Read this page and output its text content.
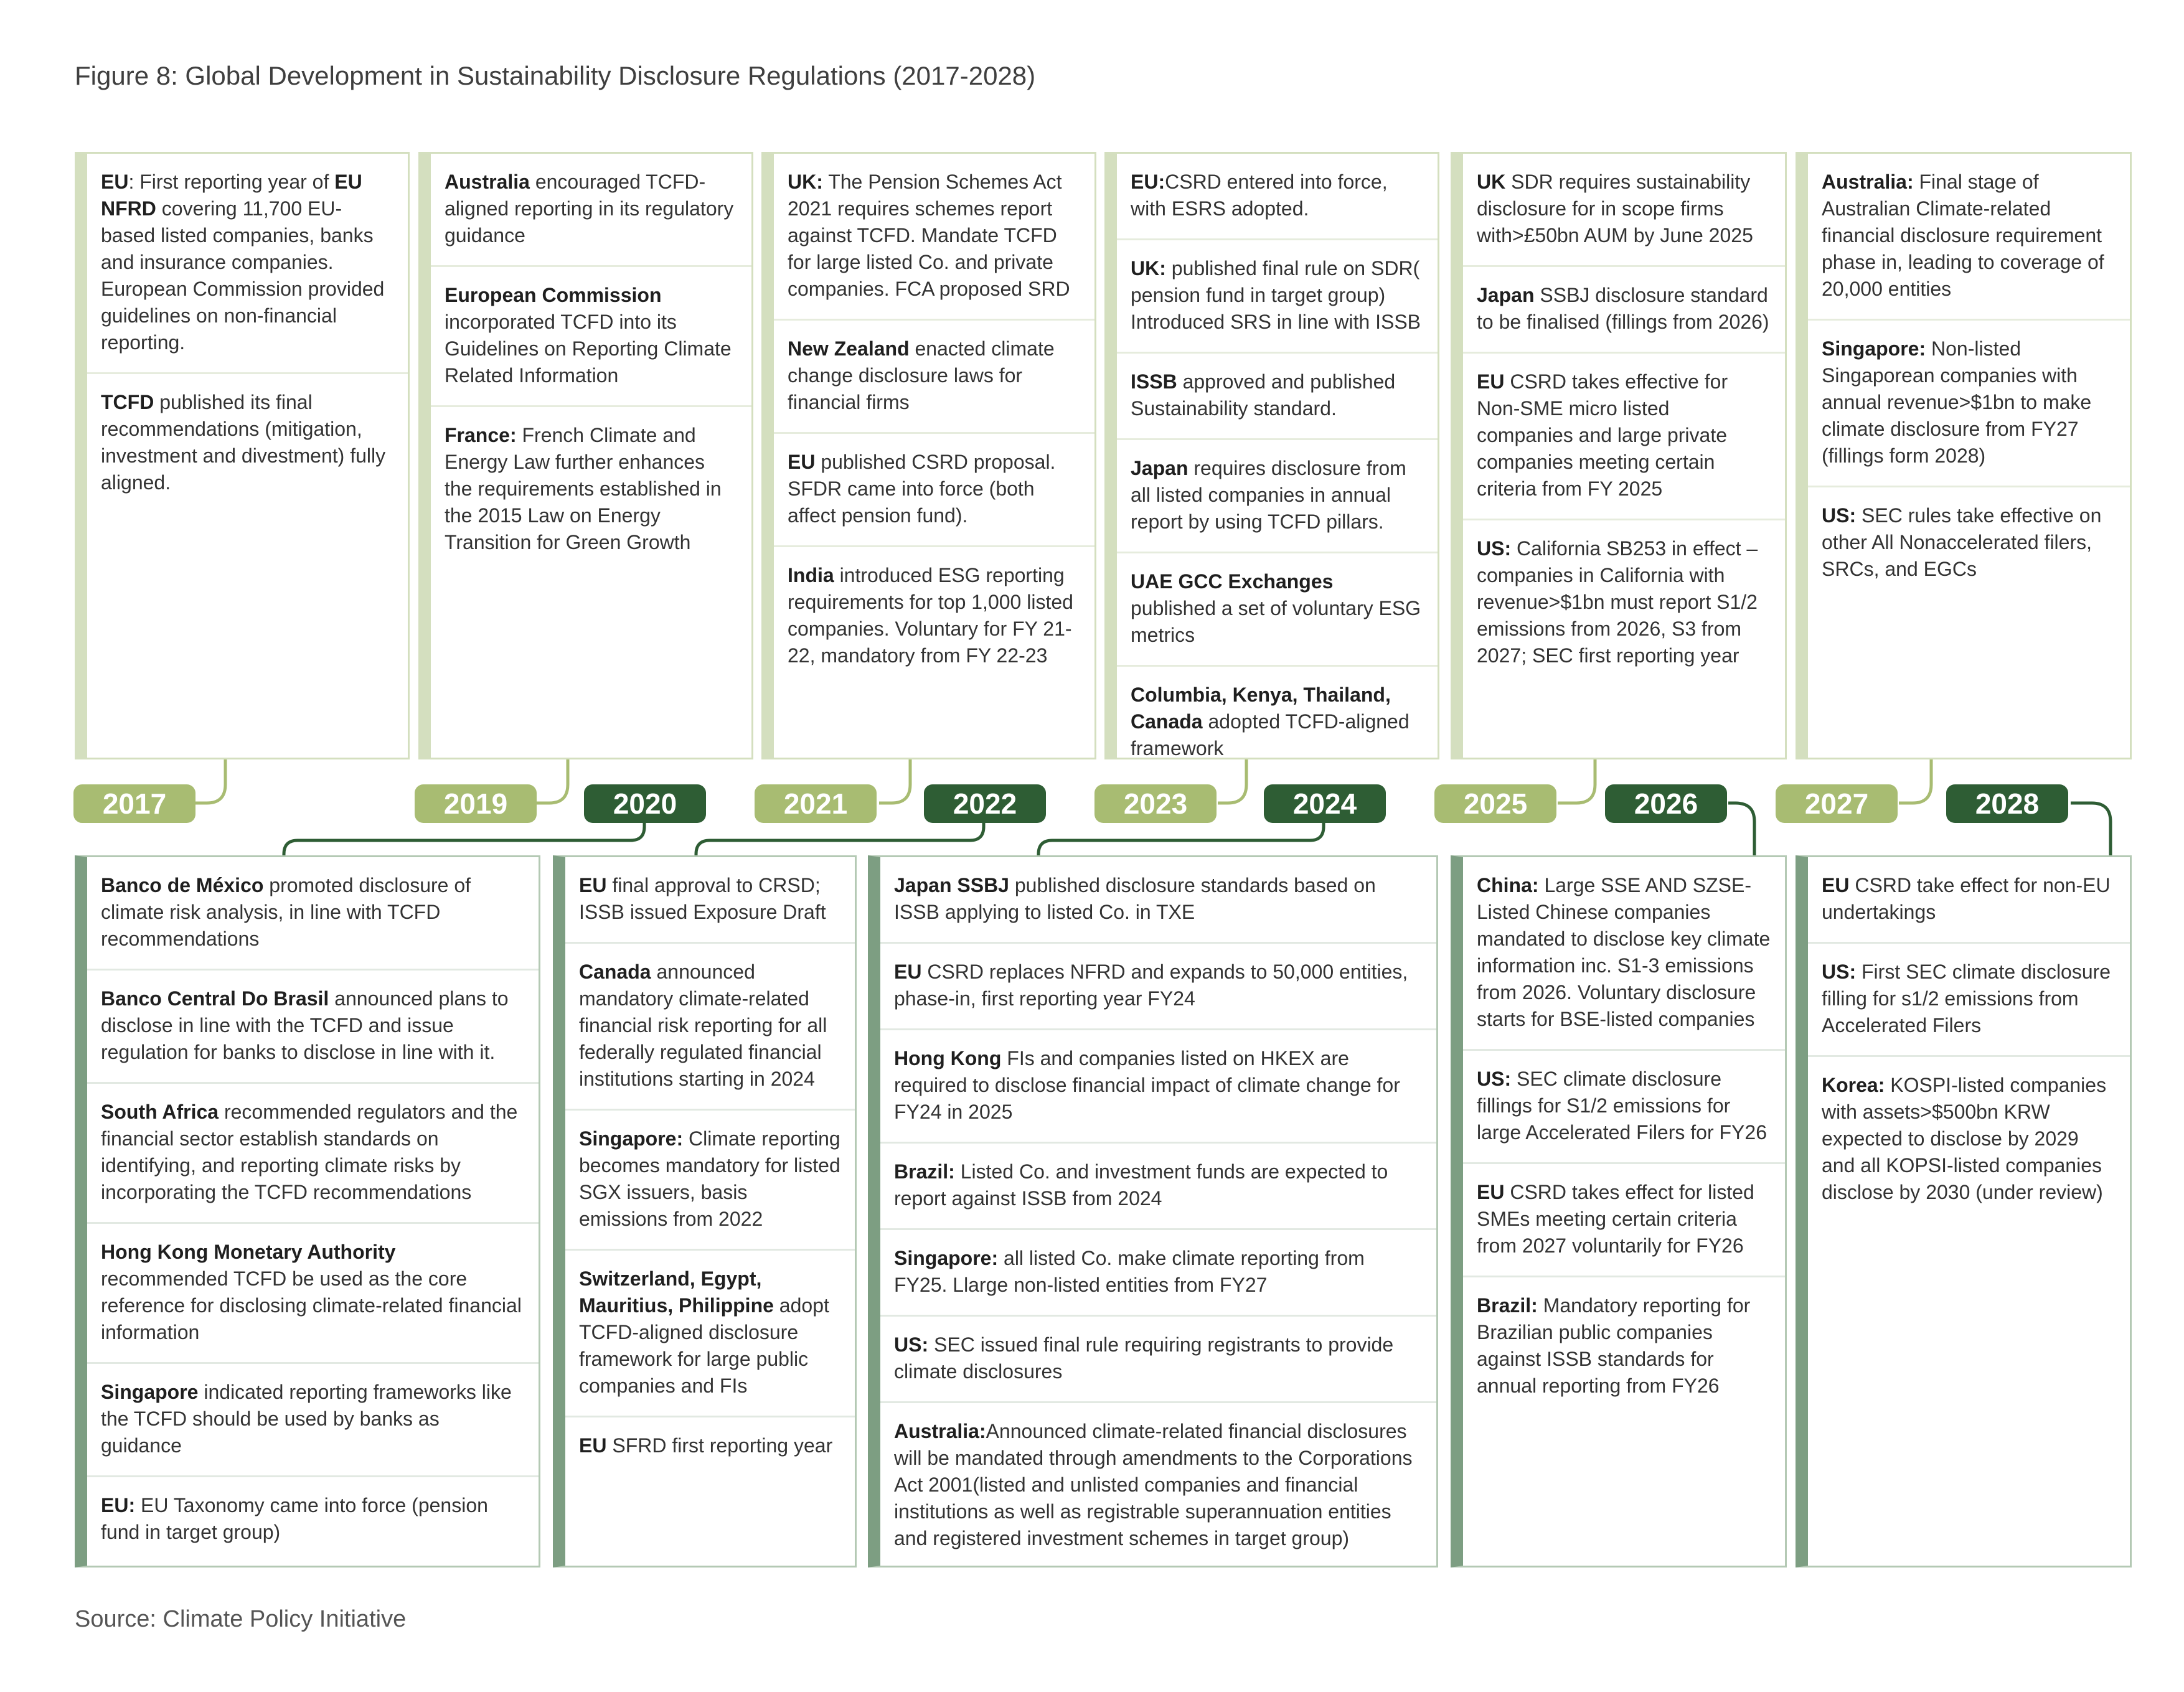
Figure 8: Global Development in Sustainability Disclosure Regulations (2017-2028)
EU: First reporting year of EU NFRD covering 11,700 EU-based listed companies, banks and insurance companies. European Commission provided guidelines on non-financial reporting.
TCFD published its final recommendations (mitigation, investment and divestment) fully aligned.
Australia encouraged TCFD-aligned reporting in its regulatory guidance
European Commission incorporated TCFD into its Guidelines on Reporting Climate Related Information
France: French Climate and Energy Law further enhances the requirements established in the 2015 Law on Energy Transition for Green Growth
UK: The Pension Schemes Act 2021 requires schemes report against TCFD. Mandate TCFD for large listed Co. and private companies. FCA proposed SRD
New Zealand enacted climate change disclosure laws for financial firms
EU published CSRD proposal. SFDR came into force (both affect pension fund).
India introduced ESG reporting requirements for top 1,000 listed companies. Voluntary for FY 21-22, mandatory from FY 22-23
EU:CSRD entered into force, with ESRS adopted.
UK: published final rule on SDR( pension fund in target group) Introduced SRS in line with ISSB
ISSB approved and published Sustainability standard.
Japan requires disclosure from all listed companies in annual report by using TCFD pillars.
UAE GCC Exchanges published a set of voluntary ESG metrics
Columbia, Kenya, Thailand, Canada adopted TCFD-aligned framework
UK SDR requires sustainability disclosure for in scope firms with>£50bn AUM by June 2025
Japan SSBJ disclosure standard to be finalised (fillings from 2026)
EU CSRD takes effective for Non-SME micro listed companies and large private companies meeting certain criteria from FY 2025
US: California SB253 in effect –companies in California with revenue>$1bn must report S1/2 emissions from 2026, S3 from 2027; SEC first reporting year
Australia: Final stage of Australian Climate-related financial disclosure requirement phase in, leading to coverage of 20,000 entities
Singapore: Non-listed Singaporean companies with annual revenue>$1bn to make climate disclosure from FY27 (fillings form 2028)
US: SEC rules take effective on other All Nonaccelerated filers, SRCs, and EGCs
2017	2019	2020	2021	2022	2023	2024	2025	2026	2027	2028
Banco de México promoted disclosure of climate risk analysis, in line with TCFD recommendations
Banco Central Do Brasil announced plans to disclose in line with the TCFD and issue regulation for banks to disclose in line with it.
South Africa recommended regulators and the financial sector establish standards on identifying, and reporting climate risks by incorporating the TCFD recommendations
Hong Kong Monetary Authority recommended TCFD be used as the core reference for disclosing climate-related financial information
Singapore indicated reporting frameworks like the TCFD should be used by banks as guidance
EU: EU Taxonomy came into force (pension fund in target group)
EU final approval to CRSD; ISSB issued Exposure Draft
Canada announced mandatory climate-related financial risk reporting for all federally regulated financial institutions starting in 2024
Singapore: Climate reporting becomes mandatory for listed SGX issuers, basis emissions from 2022
Switzerland, Egypt, Mauritius, Philippine adopt TCFD-aligned disclosure framework for large public companies and FIs
EU SFRD first reporting year
Japan SSBJ published disclosure standards based on ISSB applying to listed Co. in TXE
EU CSRD replaces NFRD and expands to 50,000 entities, phase-in, first reporting year FY24
Hong Kong FIs and companies listed on HKEX are required to disclose financial impact of climate change for FY24 in 2025
Brazil: Listed Co. and investment funds are expected to report against ISSB from 2024
Singapore: all listed Co. make climate reporting from FY25. Llarge non-listed entities from FY27
US: SEC issued final rule requiring registrants to provide climate disclosures
Australia:Announced climate-related financial disclosures will be mandated through amendments to the Corporations Act 2001(listed and unlisted companies and financial institutions as well as registrable superannuation entities and registered investment schemes in target group)
China: Large SSE AND SZSE-Listed Chinese companies mandated to disclose key climate information inc. S1-3 emissions from 2026. Voluntary disclosure starts for BSE-listed companies
US: SEC climate disclosure fillings for S1/2 emissions for large Accelerated Filers for FY26
EU CSRD takes effect for listed SMEs meeting certain criteria from 2027 voluntarily for FY26
Brazil: Mandatory reporting for Brazilian public companies against ISSB standards for annual reporting from FY26
EU CSRD take effect for non-EU undertakings
US: First SEC climate disclosure filling for s1/2 emissions from Accelerated Filers
Korea: KOSPI-listed companies with assets>$500bn KRW expected to disclose by 2029 and all KOPSI-listed companies disclose by 2030 (under review)
Source: Climate Policy Initiative
